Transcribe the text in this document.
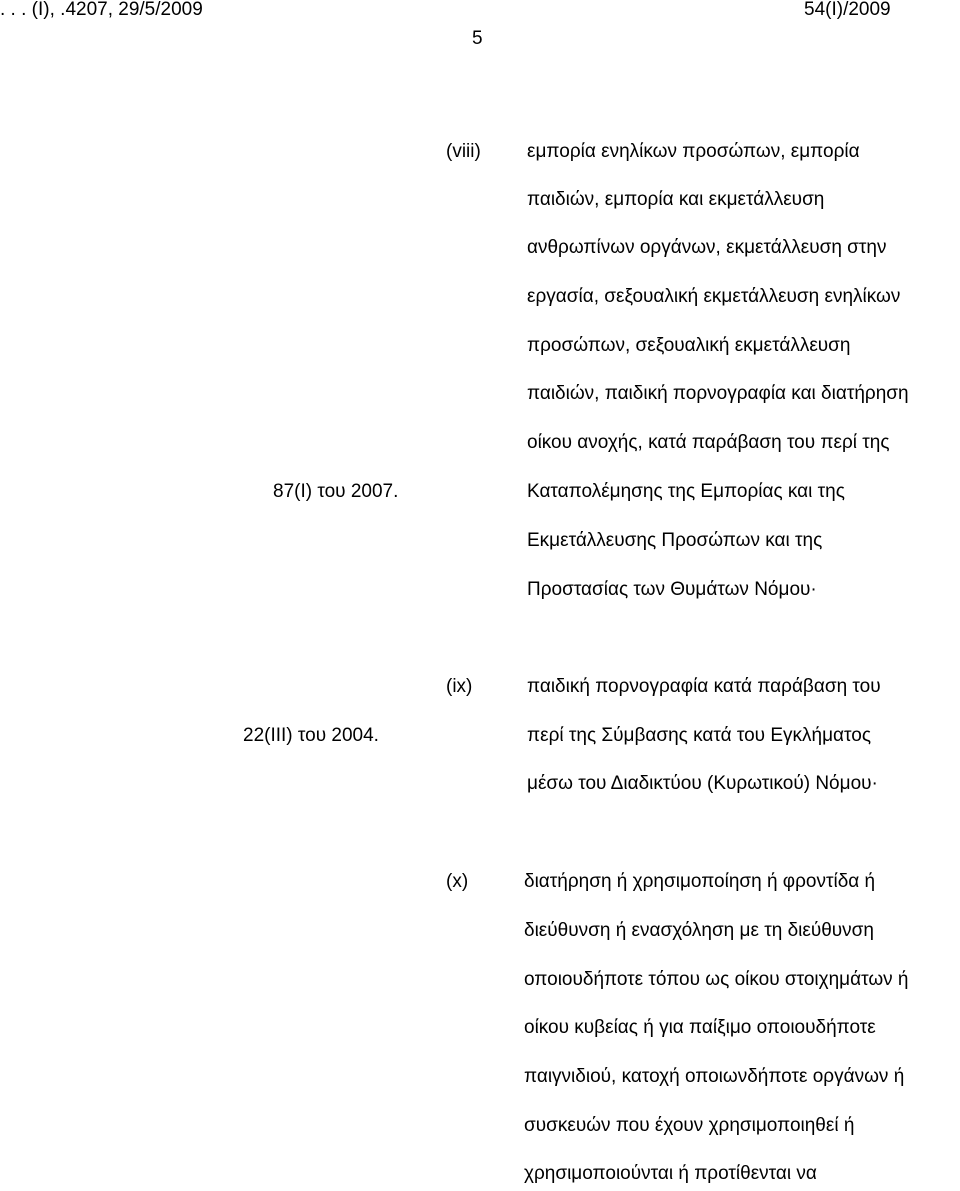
. . . (Ι), .4207, 29/5/2009	54(Ι)/2009
5
(viii) εμπορία ενηλίκων προσώπων, εμπορία
παιδιών, εμπορία και εκμετάλλευση
ανθρωπίνων οργάνων, εκμετάλλευση στην
εργασία, σεξουαλική εκμετάλλευση ενηλίκων
προσώπων, σεξουαλική εκμετάλλευση
παιδιών, παιδική πορνογραφία και διατήρηση
οίκου ανοχής, κατά παράβαση του περί της
87(Ι) του 2007.	Καταπολέμησης της Εμπορίας και της
Εκμετάλλευσης Προσώπων και της
Προστασίας των Θυμάτων Νόμου·
(ix)	παιδική πορνογραφία κατά παράβαση του
22(ΙΙΙ) του 2004.	περί της Σύμβασης κατά του Εγκλήματος
μέσω του Διαδικτύου (Κυρωτικού) Νόμου·
(x)	διατήρηση ή χρησιμοποίηση ή φροντίδα ή
διεύθυνση ή ενασχόληση με τη διεύθυνση
οποιουδήποτε τόπου ως οίκου στοιχημάτων ή
οίκου κυβείας ή για παίξιμο οποιουδήποτε
παιγνιδιού, κατοχή οποιωνδήποτε οργάνων ή
συσκευών που έχουν χρησιμοποιηθεί ή
χρησιμοποιούνται ή προτίθενται να
